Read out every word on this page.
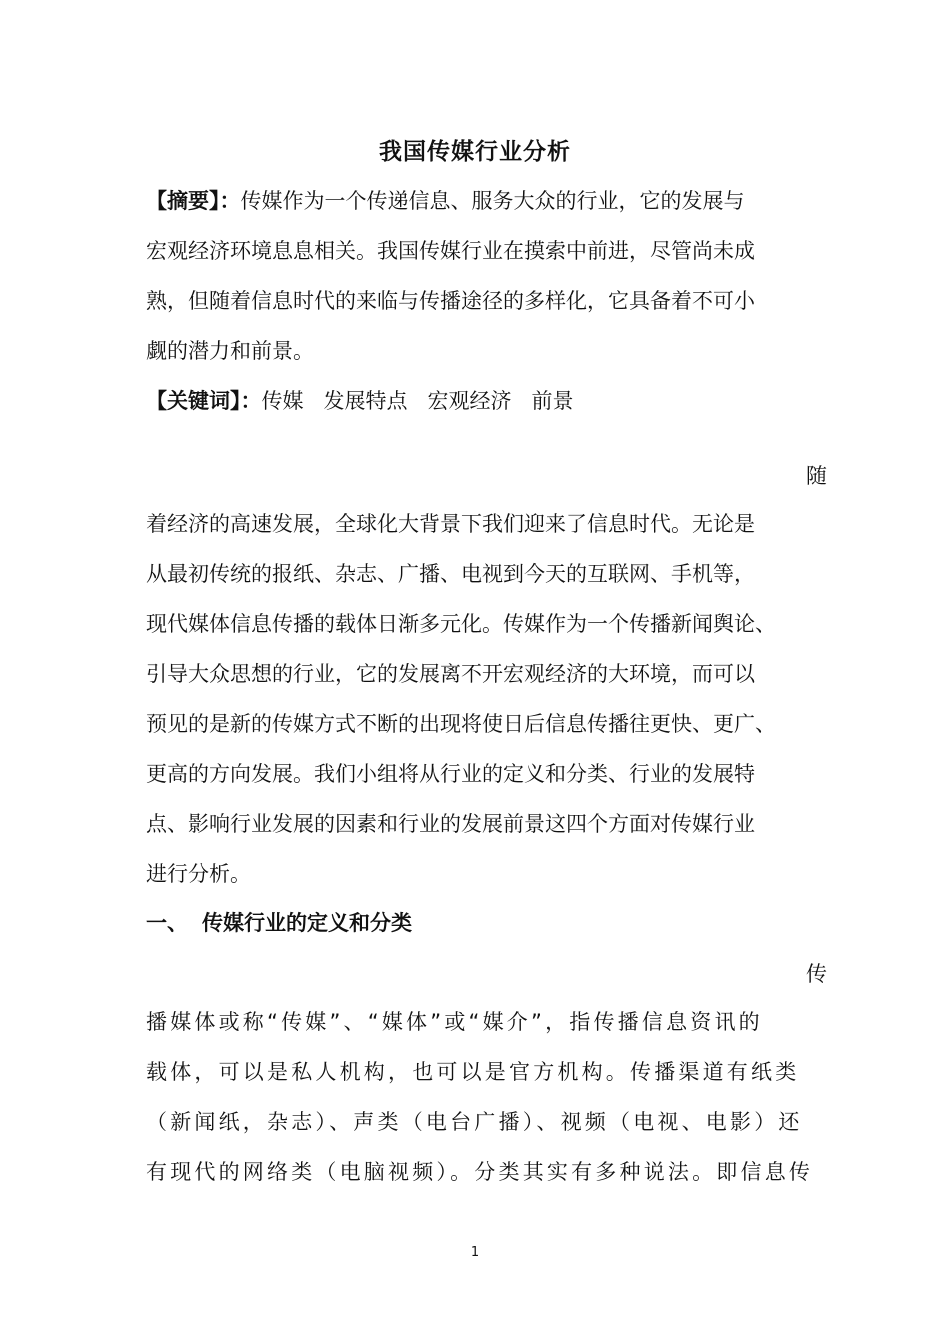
我国传媒行业分析
【摘要】：传媒作为一个传递信息、服务大众的行业，它的发展与
宏观经济环境息息相关。我国传媒行业在摸索中前进，尽管尚未成
熟，但随着信息时代的来临与传播途径的多样化，它具备着不可小
觑的潜力和前景。
【关键词】：传媒 发展特点 宏观经济 前景
随
着经济的高速发展，全球化大背景下我们迎来了信息时代。无论是
从最初传统的报纸、杂志、广播、电视到今天的互联网、手机等，
现代媒体信息传播的载体日渐多元化。传媒作为一个传播新闻舆论、
引导大众思想的行业，它的发展离不开宏观经济的大环境，而可以
预见的是新的传媒方式不断的出现将使日后信息传播往更快、更广、
更高的方向发展。我们小组将从行业的定义和分类、行业的发展特
点、影响行业发展的因素和行业的发展前景这四个方面对传媒行业
进行分析。
一、 传媒行业的定义和分类
传
播媒体或称“传媒”、“媒体”或“媒介”，指传播信息资讯的
载体，可以是私人机构，也可以是官方机构。传播渠道有纸类
（新闻纸，杂志）、声类（电台广播）、视频（电视、电影）还
有现代的网络类（电脑视频）。分类其实有多种说法。即信息传
1
